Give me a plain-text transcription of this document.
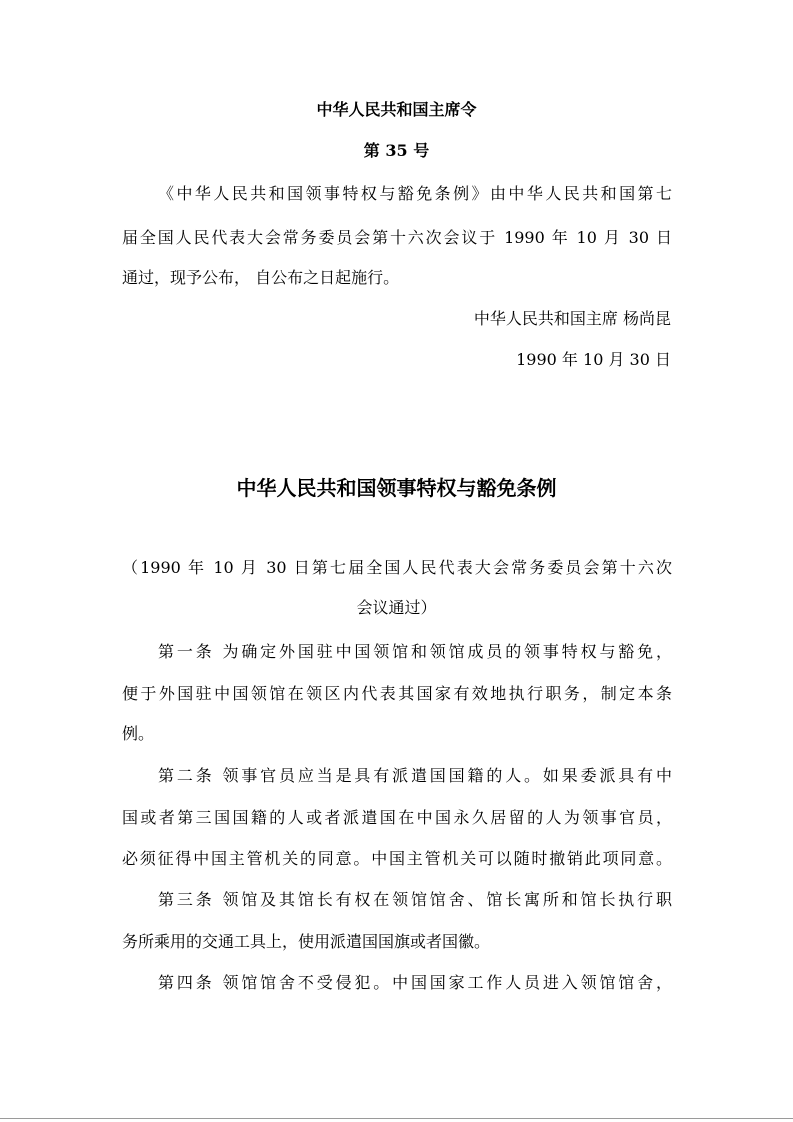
中华人民共和国主席令
第 35 号
《中华人民共和国领事特权与豁免条例》由中华人民共和国第七
届全国人民代表大会常务委员会第十六次会议于 1990 年 10 月 30 日
通过，现予公布， 自公布之日起施行。
中华人民共和国主席 杨尚昆
1990 年 10 月 30 日
中华人民共和国领事特权与豁免条例
（1990 年 10 月 30 日第七届全国人民代表大会常务委员会第十六次
会议通过）
第一条 为确定外国驻中国领馆和领馆成员的领事特权与豁免，
便于外国驻中国领馆在领区内代表其国家有效地执行职务，制定本条
例。
第二条 领事官员应当是具有派遣国国籍的人。如果委派具有中
国或者第三国国籍的人或者派遣国在中国永久居留的人为领事官员，
必须征得中国主管机关的同意。中国主管机关可以随时撤销此项同意。
第三条 领馆及其馆长有权在领馆馆舍、馆长寓所和馆长执行职
务所乘用的交通工具上，使用派遣国国旗或者国徽。
第四条 领馆馆舍不受侵犯。中国国家工作人员进入领馆馆舍，
